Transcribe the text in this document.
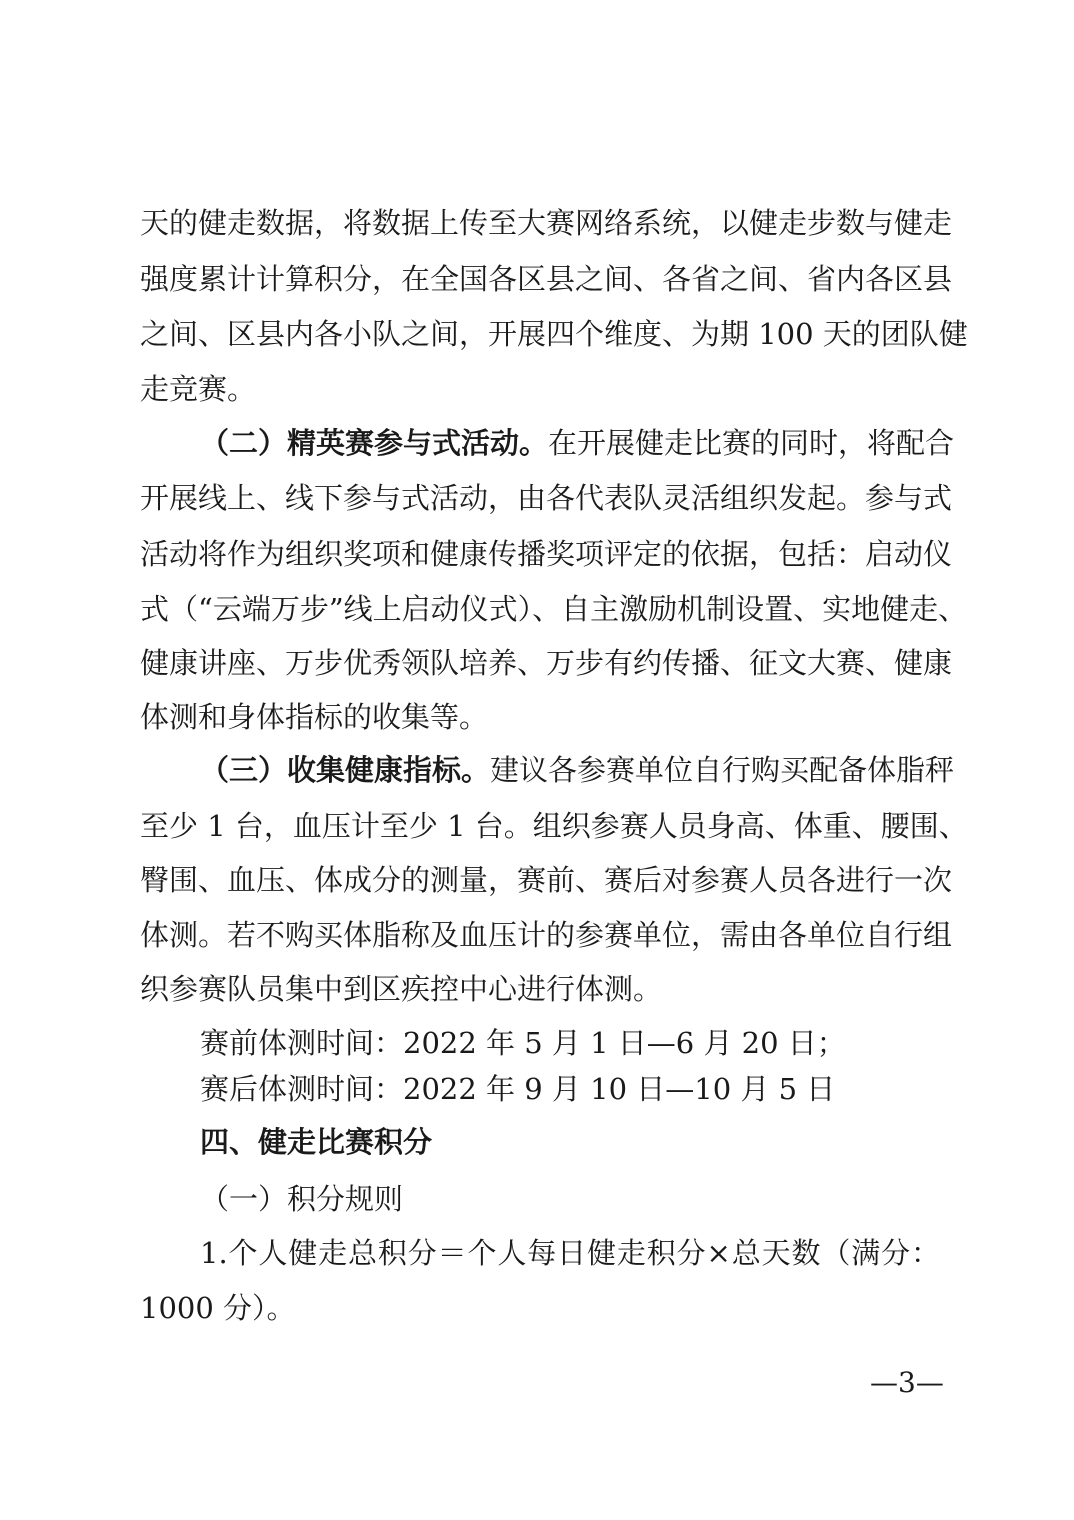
天的健走数据，将数据上传至大赛网络系统，以健走步数与健走
强度累计计算积分，在全国各区县之间、各省之间、省内各区县
之间、区县内各小队之间，开展四个维度、为期 100 天的团队健
走竞赛。
（二）精英赛参与式活动。在开展健走比赛的同时，将配合
开展线上、线下参与式活动，由各代表队灵活组织发起。参与式
活动将作为组织奖项和健康传播奖项评定的依据，包括：启动仪
式（“云端万步”线上启动仪式）、自主激励机制设置、实地健走、
健康讲座、万步优秀领队培养、万步有约传播、征文大赛、健康
体测和身体指标的收集等。
（三）收集健康指标。建议各参赛单位自行购买配备体脂秤
至少 1 台，血压计至少 1 台。组织参赛人员身高、体重、腰围、
臀围、血压、体成分的测量，赛前、赛后对参赛人员各进行一次
体测。若不购买体脂称及血压计的参赛单位，需由各单位自行组
织参赛队员集中到区疾控中心进行体测。
赛前体测时间：2022 年 5 月 1 日—6 月 20 日；
赛后体测时间：2022 年 9 月 10 日—10 月 5 日
四、健走比赛积分
（一）积分规则
1.个人健走总积分＝个人每日健走积分×总天数（满分：
1000 分）。
—3—
